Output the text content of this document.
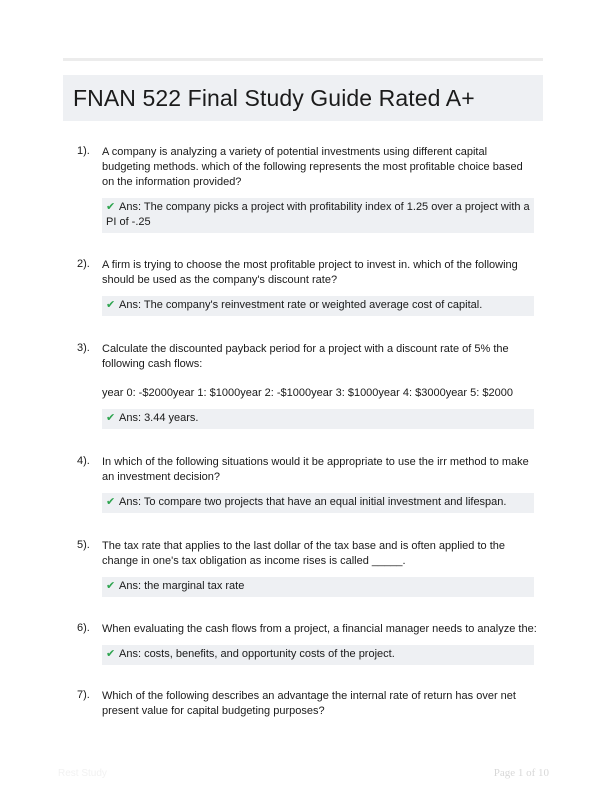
FNAN 522 Final Study Guide Rated A+
1). A company is analyzing a variety of potential investments using different capital budgeting methods. which of the following represents the most profitable choice based on the information provided?

✔ Ans: The company picks a project with profitability index of 1.25 over a project with a PI of -.25
2). A firm is trying to choose the most profitable project to invest in. which of the following should be used as the company's discount rate?

✔ Ans: The company's reinvestment rate or weighted average cost of capital.
3). Calculate the discounted payback period for a project with a discount rate of 5% the following cash flows:

year 0: -$2000year 1: $1000year 2: -$1000year 3: $1000year 4: $3000year 5: $2000

✔ Ans: 3.44 years.
4). In which of the following situations would it be appropriate to use the irr method to make an investment decision?

✔ Ans: To compare two projects that have an equal initial investment and lifespan.
5). The tax rate that applies to the last dollar of the tax base and is often applied to the change in one's tax obligation as income rises is called _____.

✔ Ans: the marginal tax rate
6). When evaluating the cash flows from a project, a financial manager needs to analyze the:

✔ Ans: costs, benefits, and opportunity costs of the project.
7). Which of the following describes an advantage the internal rate of return has over net present value for capital budgeting purposes?

Rest Study	Page 1 of 10
